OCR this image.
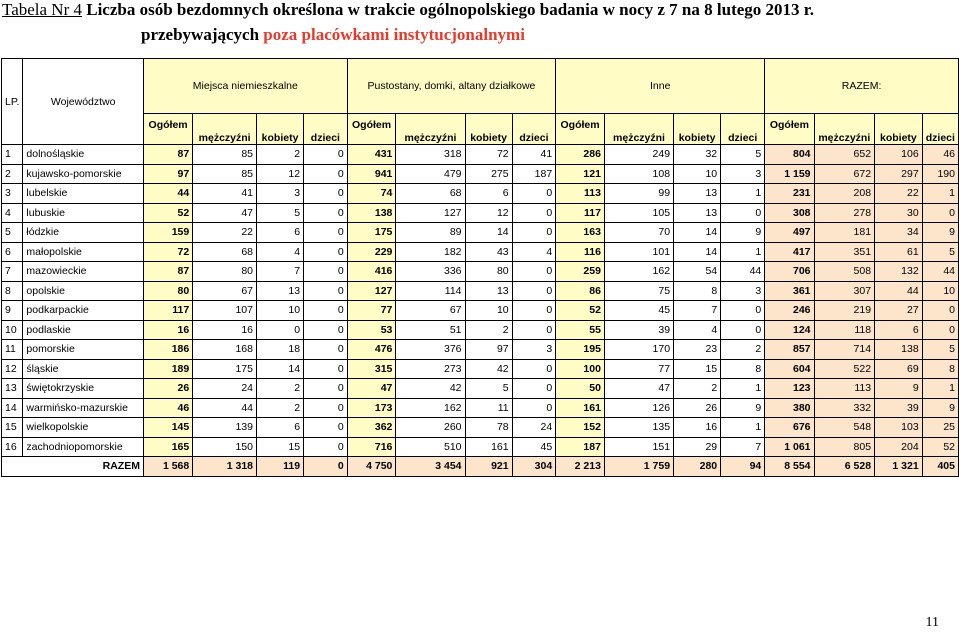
Tabela Nr 4 Liczba osób bezdomnych określona w trakcie ogólnopolskiego badania w nocy z 7 na 8 lutego 2013 r.
przebywających poza placówkami instytucjonalnymi
LP.	Województwo	Miejsca niemieszkalne				Pustostany, domki, altany działkowe				Inne				RAZEM:			
		Ogółem	mężczyźni	kobiety	dzieci	Ogółem	mężczyźni	kobiety	dzieci	Ogółem	mężczyźni	kobiety	dzieci	Ogółem	mężczyźni	kobiety	dzieci
1	dolnośląskie	87	85	2	0	431	318	72	41	286	249	32	5	804	652	106	46
2	kujawsko-pomorskie	97	85	12	0	941	479	275	187	121	108	10	3	1 159	672	297	190
3	lubelskie	44	41	3	0	74	68	6	0	113	99	13	1	231	208	22	1
4	lubuskie	52	47	5	0	138	127	12	0	117	105	13	0	308	278	30	0
5	łódzkie	159	22	6	0	175	89	14	0	163	70	14	9	497	181	34	9
6	małopolskie	72	68	4	0	229	182	43	4	116	101	14	1	417	351	61	5
7	mazowieckie	87	80	7	0	416	336	80	0	259	162	54	44	706	508	132	44
8	opolskie	80	67	13	0	127	114	13	0	86	75	8	3	361	307	44	10
9	podkarpackie	117	107	10	0	77	67	10	0	52	45	7	0	246	219	27	0
10	podlaskie	16	16	0	0	53	51	2	0	55	39	4	0	124	118	6	0
11	pomorskie	186	168	18	0	476	376	97	3	195	170	23	2	857	714	138	5
12	śląskie	189	175	14	0	315	273	42	0	100	77	15	8	604	522	69	8
13	świętokrzyskie	26	24	2	0	47	42	5	0	50	47	2	1	123	113	9	1
14	warmińsko-mazurskie	46	44	2	0	173	162	11	0	161	126	26	9	380	332	39	9
15	wielkopolskie	145	139	6	0	362	260	78	24	152	135	16	1	676	548	103	25
16	zachodniopomorskie	165	150	15	0	716	510	161	45	187	151	29	7	1 061	805	204	52
RAZEM		1 568	1 318	119	0	4 750	3 454	921	304	2 213	1 759	280	94	8 554	6 528	1 321	405
11
